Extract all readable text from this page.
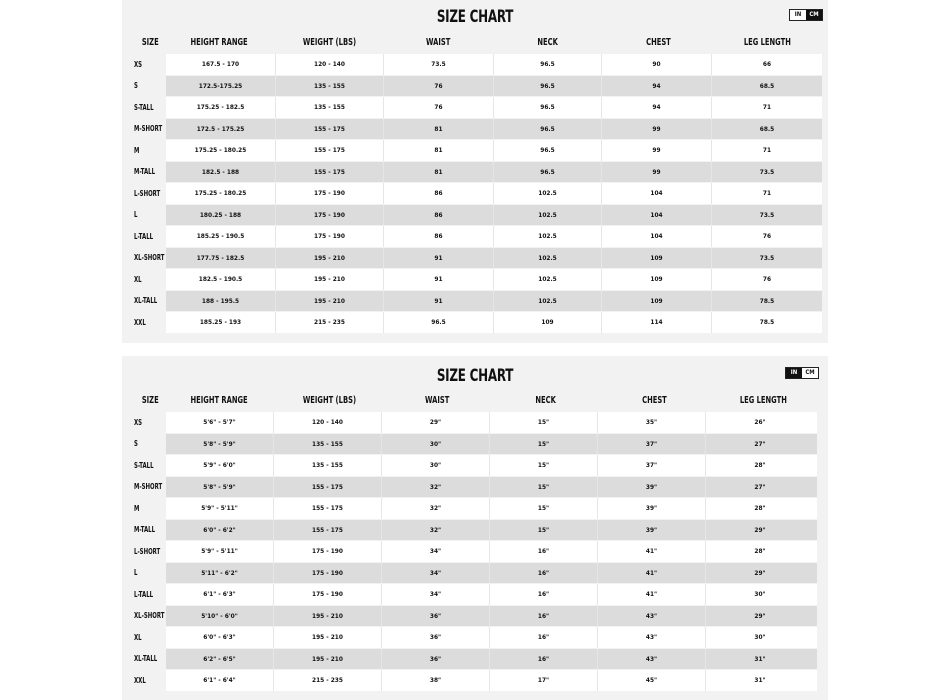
SIZE CHART	IN	CM
SIZE	HEIGHT RANGE	WEIGHT (LBS)	WAIST	NECK	CHEST	LEG LENGTH
XS	167.5 - 170	120 - 140	73.5	96.5	90	66
S	172.5-175.25	135 - 155	76	96.5	94	68.5
S-TALL	175.25 - 182.5	135 - 155	76	96.5	94	71
M-SHORT	172.5 - 175.25	155 - 175	81	96.5	99	68.5
M	175.25 - 180.25	155 - 175	81	96.5	99	71
M-TALL	182.5 - 188	155 - 175	81	96.5	99	73.5
L-SHORT	175.25 - 180.25	175 - 190	86	102.5	104	71
L	180.25 - 188	175 - 190	86	102.5	104	73.5
L-TALL	185.25 - 190.5	175 - 190	86	102.5	104	76
XL-SHORT	177.75 - 182.5	195 - 210	91	102.5	109	73.5
XL	182.5 - 190.5	195 - 210	91	102.5	109	76
XL-TALL	188 - 195.5	195 - 210	91	102.5	109	78.5
XXL	185.25 - 193	215 - 235	96.5	109	114	78.5
SIZE CHART	IN	CM
SIZE	HEIGHT RANGE	WEIGHT (LBS)	WAIST	NECK	CHEST	LEG LENGTH
XS	5'6" - 5'7"	120 - 140	29"	15"	35"	26"
S	5'8" - 5'9"	135 - 155	30"	15"	37"	27"
S-TALL	5'9" - 6'0"	135 - 155	30"	15"	37"	28"
M-SHORT	5'8" - 5'9"	155 - 175	32"	15"	39"	27"
M	5'9" - 5'11"	155 - 175	32"	15"	39"	28"
M-TALL	6'0" - 6'2"	155 - 175	32"	15"	39"	29"
L-SHORT	5'9" - 5'11"	175 - 190	34"	16"	41"	28"
L	5'11" - 6'2"	175 - 190	34"	16"	41"	29"
L-TALL	6'1" - 6'3"	175 - 190	34"	16"	41"	30"
XL-SHORT	5'10" - 6'0"	195 - 210	36"	16"	43"	29"
XL	6'0" - 6'3"	195 - 210	36"	16"	43"	30"
XL-TALL	6'2" - 6'5"	195 - 210	36"	16"	43"	31"
XXL	6'1" - 6'4"	215 - 235	38"	17"	45"	31"
